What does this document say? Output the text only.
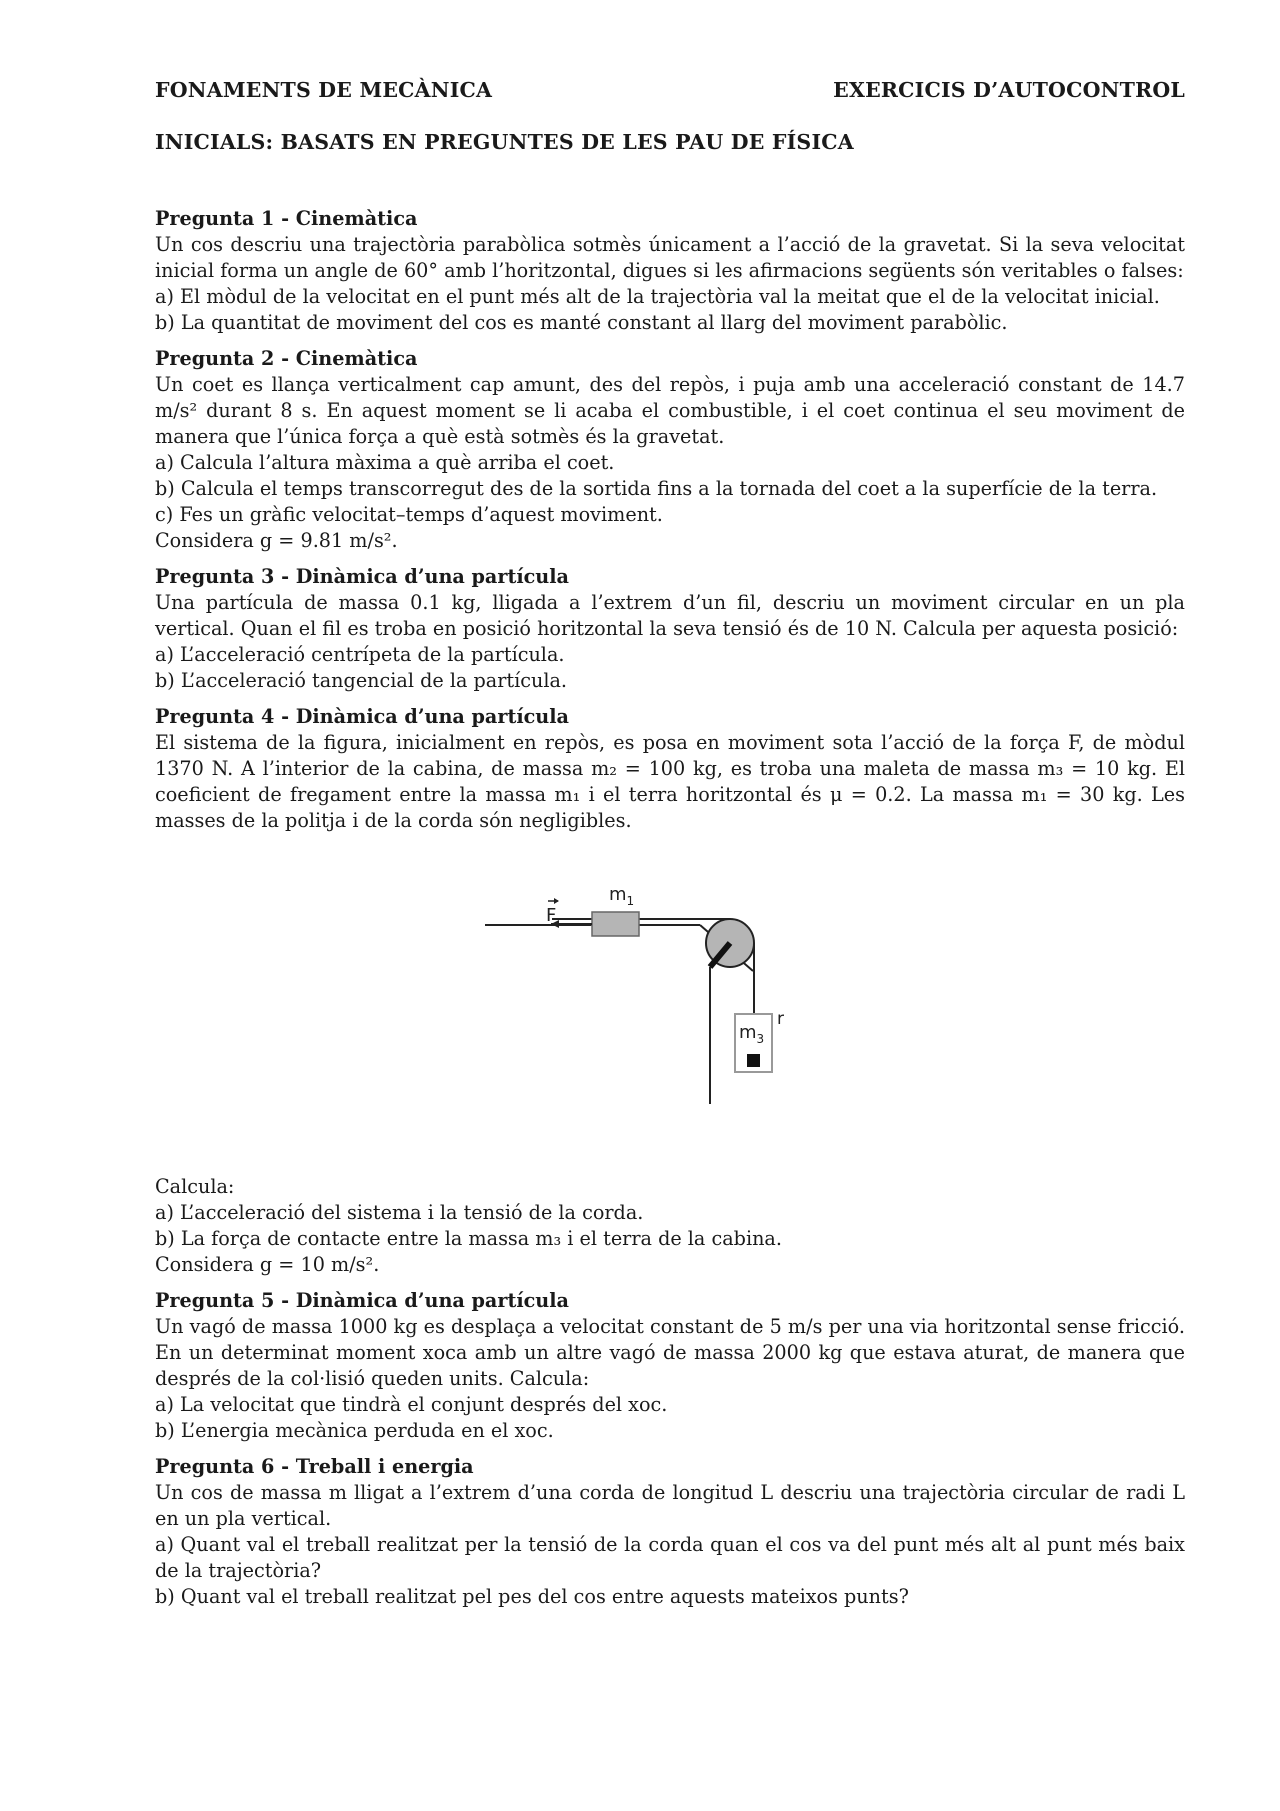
FONAMENTS DE MECÀNICA	EXERCICIS D’AUTOCONTROL
INICIALS: BASATS EN PREGUNTES DE LES PAU DE FÍSICA
Pregunta 1 - Cinemàtica
Un cos descriu una trajectòria parabòlica sotmès únicament a l’acció de la gravetat. Si la seva velocitat inicial forma un angle de 60° amb l’horitzontal, digues si les afirmacions següents són veritables o falses:
a) El mòdul de la velocitat en el punt més alt de la trajectòria val la meitat que el de la velocitat inicial.
b) La quantitat de moviment del cos es manté constant al llarg del moviment parabòlic.
Pregunta 2 - Cinemàtica
Un coet es llança verticalment cap amunt, des del repòs, i puja amb una acceleració constant de 14.7 m/s² durant 8 s. En aquest moment se li acaba el combustible, i el coet continua el seu moviment de manera que l’única força a què està sotmès és la gravetat.
a) Calcula l’altura màxima a què arriba el coet.
b) Calcula el temps transcorregut des de la sortida fins a la tornada del coet a la superfície de la terra.
c) Fes un gràfic velocitat–temps d’aquest moviment.
Considera g = 9.81 m/s².
Pregunta 3 - Dinàmica d’una partícula
Una partícula de massa 0.1 kg, lligada a l’extrem d’un fil, descriu un moviment circular en un pla vertical. Quan el fil es troba en posició horitzontal la seva tensió és de 10 N. Calcula per aquesta posició:
a) L’acceleració centrípeta de la partícula.
b) L’acceleració tangencial de la partícula.
Pregunta 4 - Dinàmica d’una partícula
El sistema de la figura, inicialment en repòs, es posa en moviment sota l’acció de la força F, de mòdul 1370 N. A l’interior de la cabina, de massa m₂ = 100 kg, es troba una maleta de massa m₃ = 10 kg. El coeficient de fregament entre la massa m₁ i el terra horitzontal és μ = 0.2. La massa m₁ = 30 kg. Les masses de la politja i de la corda són negligibles.
F
$m_1$
$m_3$
r
Calcula:
a) L’acceleració del sistema i la tensió de la corda.
b) La força de contacte entre la massa m₃ i el terra de la cabina.
Considera g = 10 m/s².
Pregunta 5 - Dinàmica d’una partícula
Un vagó de massa 1000 kg es desplaça a velocitat constant de 5 m/s per una via horitzontal sense fricció. En un determinat moment xoca amb un altre vagó de massa 2000 kg que estava aturat, de manera que després de la col·lisió queden units. Calcula:
a) La velocitat que tindrà el conjunt després del xoc.
b) L’energia mecànica perduda en el xoc.
Pregunta 6 - Treball i energia
Un cos de massa m lligat a l’extrem d’una corda de longitud L descriu una trajectòria circular de radi L en un pla vertical.
a) Quant val el treball realitzat per la tensió de la corda quan el cos va del punt més alt al punt més baix de la trajectòria?
b) Quant val el treball realitzat pel pes del cos entre aquests mateixos punts?
